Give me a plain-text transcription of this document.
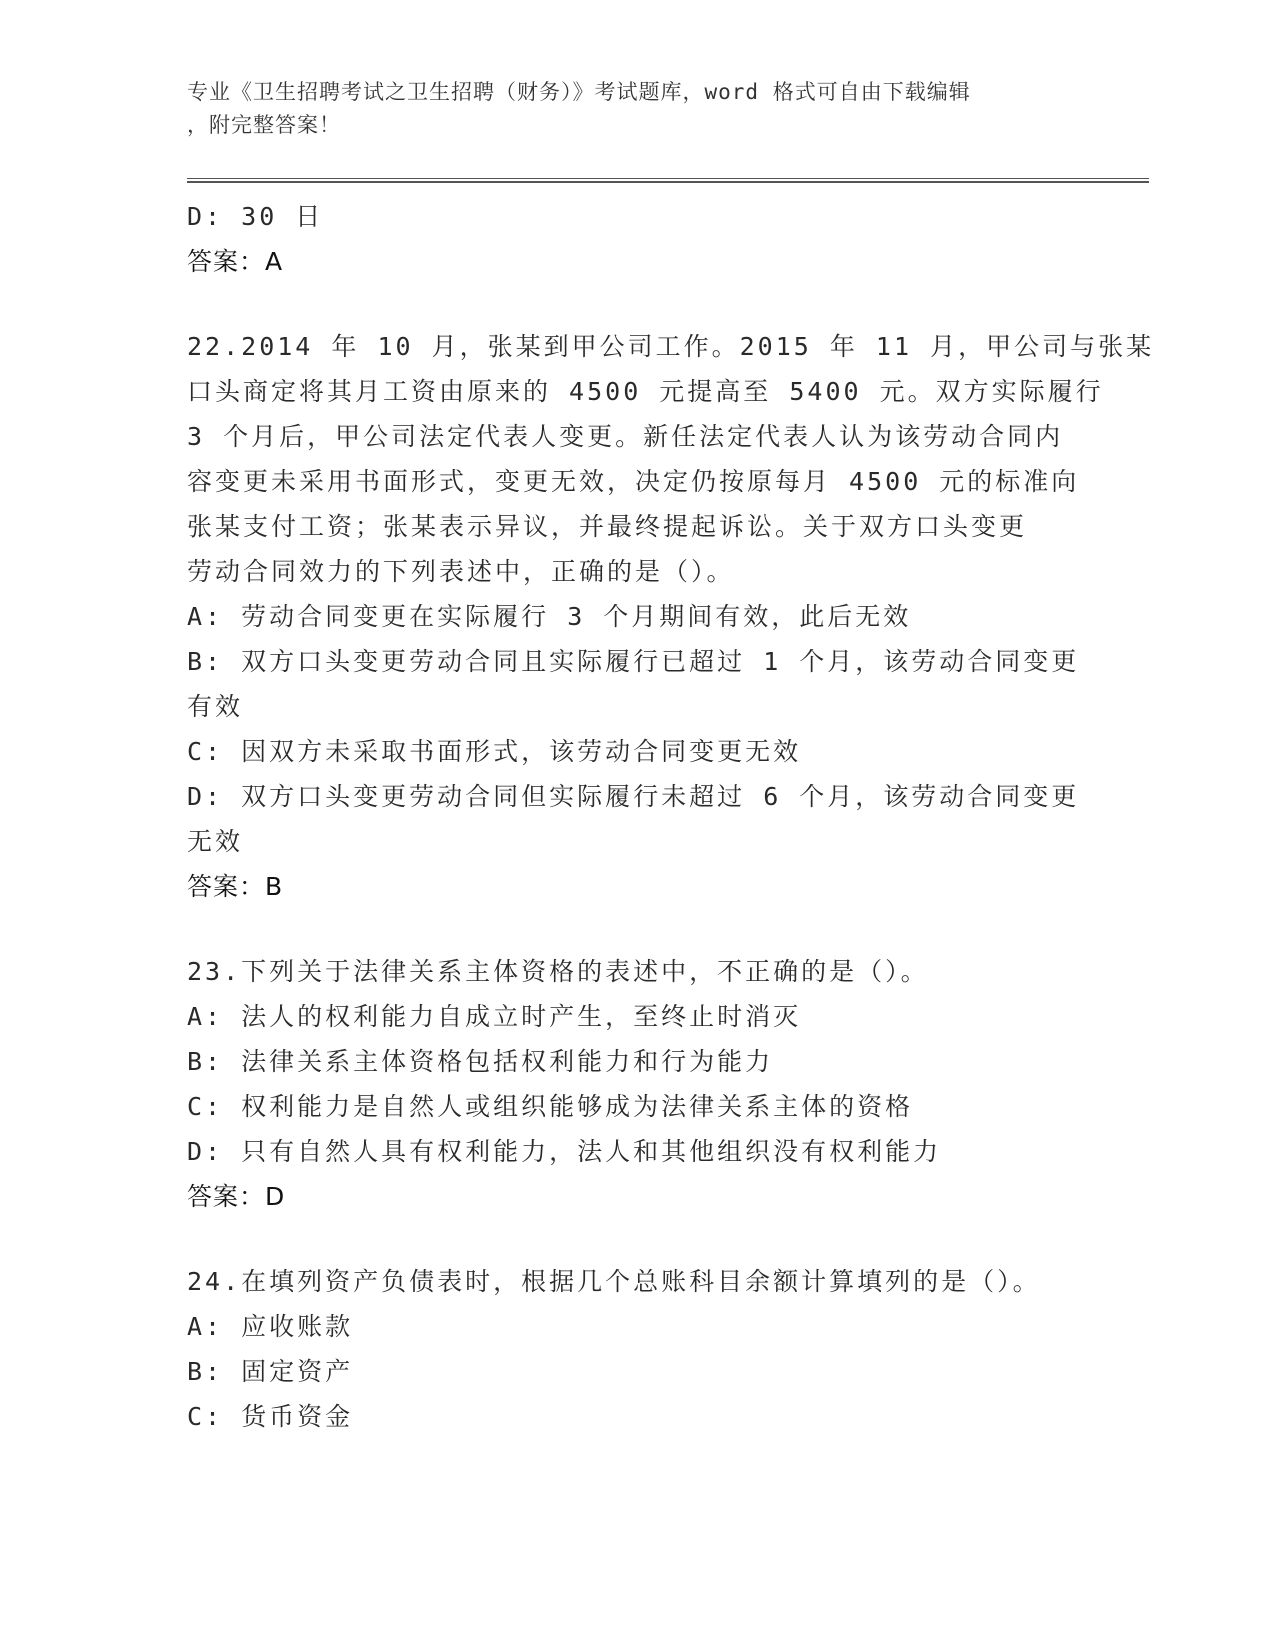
专业《卫生招聘考试之卫生招聘（财务）》考试题库，word 格式可自由下载编辑
，附完整答案！
D: 30 日
答案：A
22.2014 年 10 月，张某到甲公司工作。2015 年 11 月，甲公司与张某
口头商定将其月工资由原来的 4500 元提高至 5400 元。双方实际履行
3 个月后，甲公司法定代表人变更。新任法定代表人认为该劳动合同内
容变更未采用书面形式，变更无效，决定仍按原每月 4500 元的标准向
张某支付工资；张某表示异议，并最终提起诉讼。关于双方口头变更
劳动合同效力的下列表述中，正确的是（）。
A: 劳动合同变更在实际履行 3 个月期间有效，此后无效
B: 双方口头变更劳动合同且实际履行已超过 1 个月，该劳动合同变更
有效
C: 因双方未采取书面形式，该劳动合同变更无效
D: 双方口头变更劳动合同但实际履行未超过 6 个月，该劳动合同变更
无效
答案：B
23.下列关于法律关系主体资格的表述中，不正确的是（）。
A: 法人的权利能力自成立时产生，至终止时消灭
B: 法律关系主体资格包括权利能力和行为能力
C: 权利能力是自然人或组织能够成为法律关系主体的资格
D: 只有自然人具有权利能力，法人和其他组织没有权利能力
答案：D
24.在填列资产负债表时，根据几个总账科目余额计算填列的是（）。
A: 应收账款
B: 固定资产
C: 货币资金
